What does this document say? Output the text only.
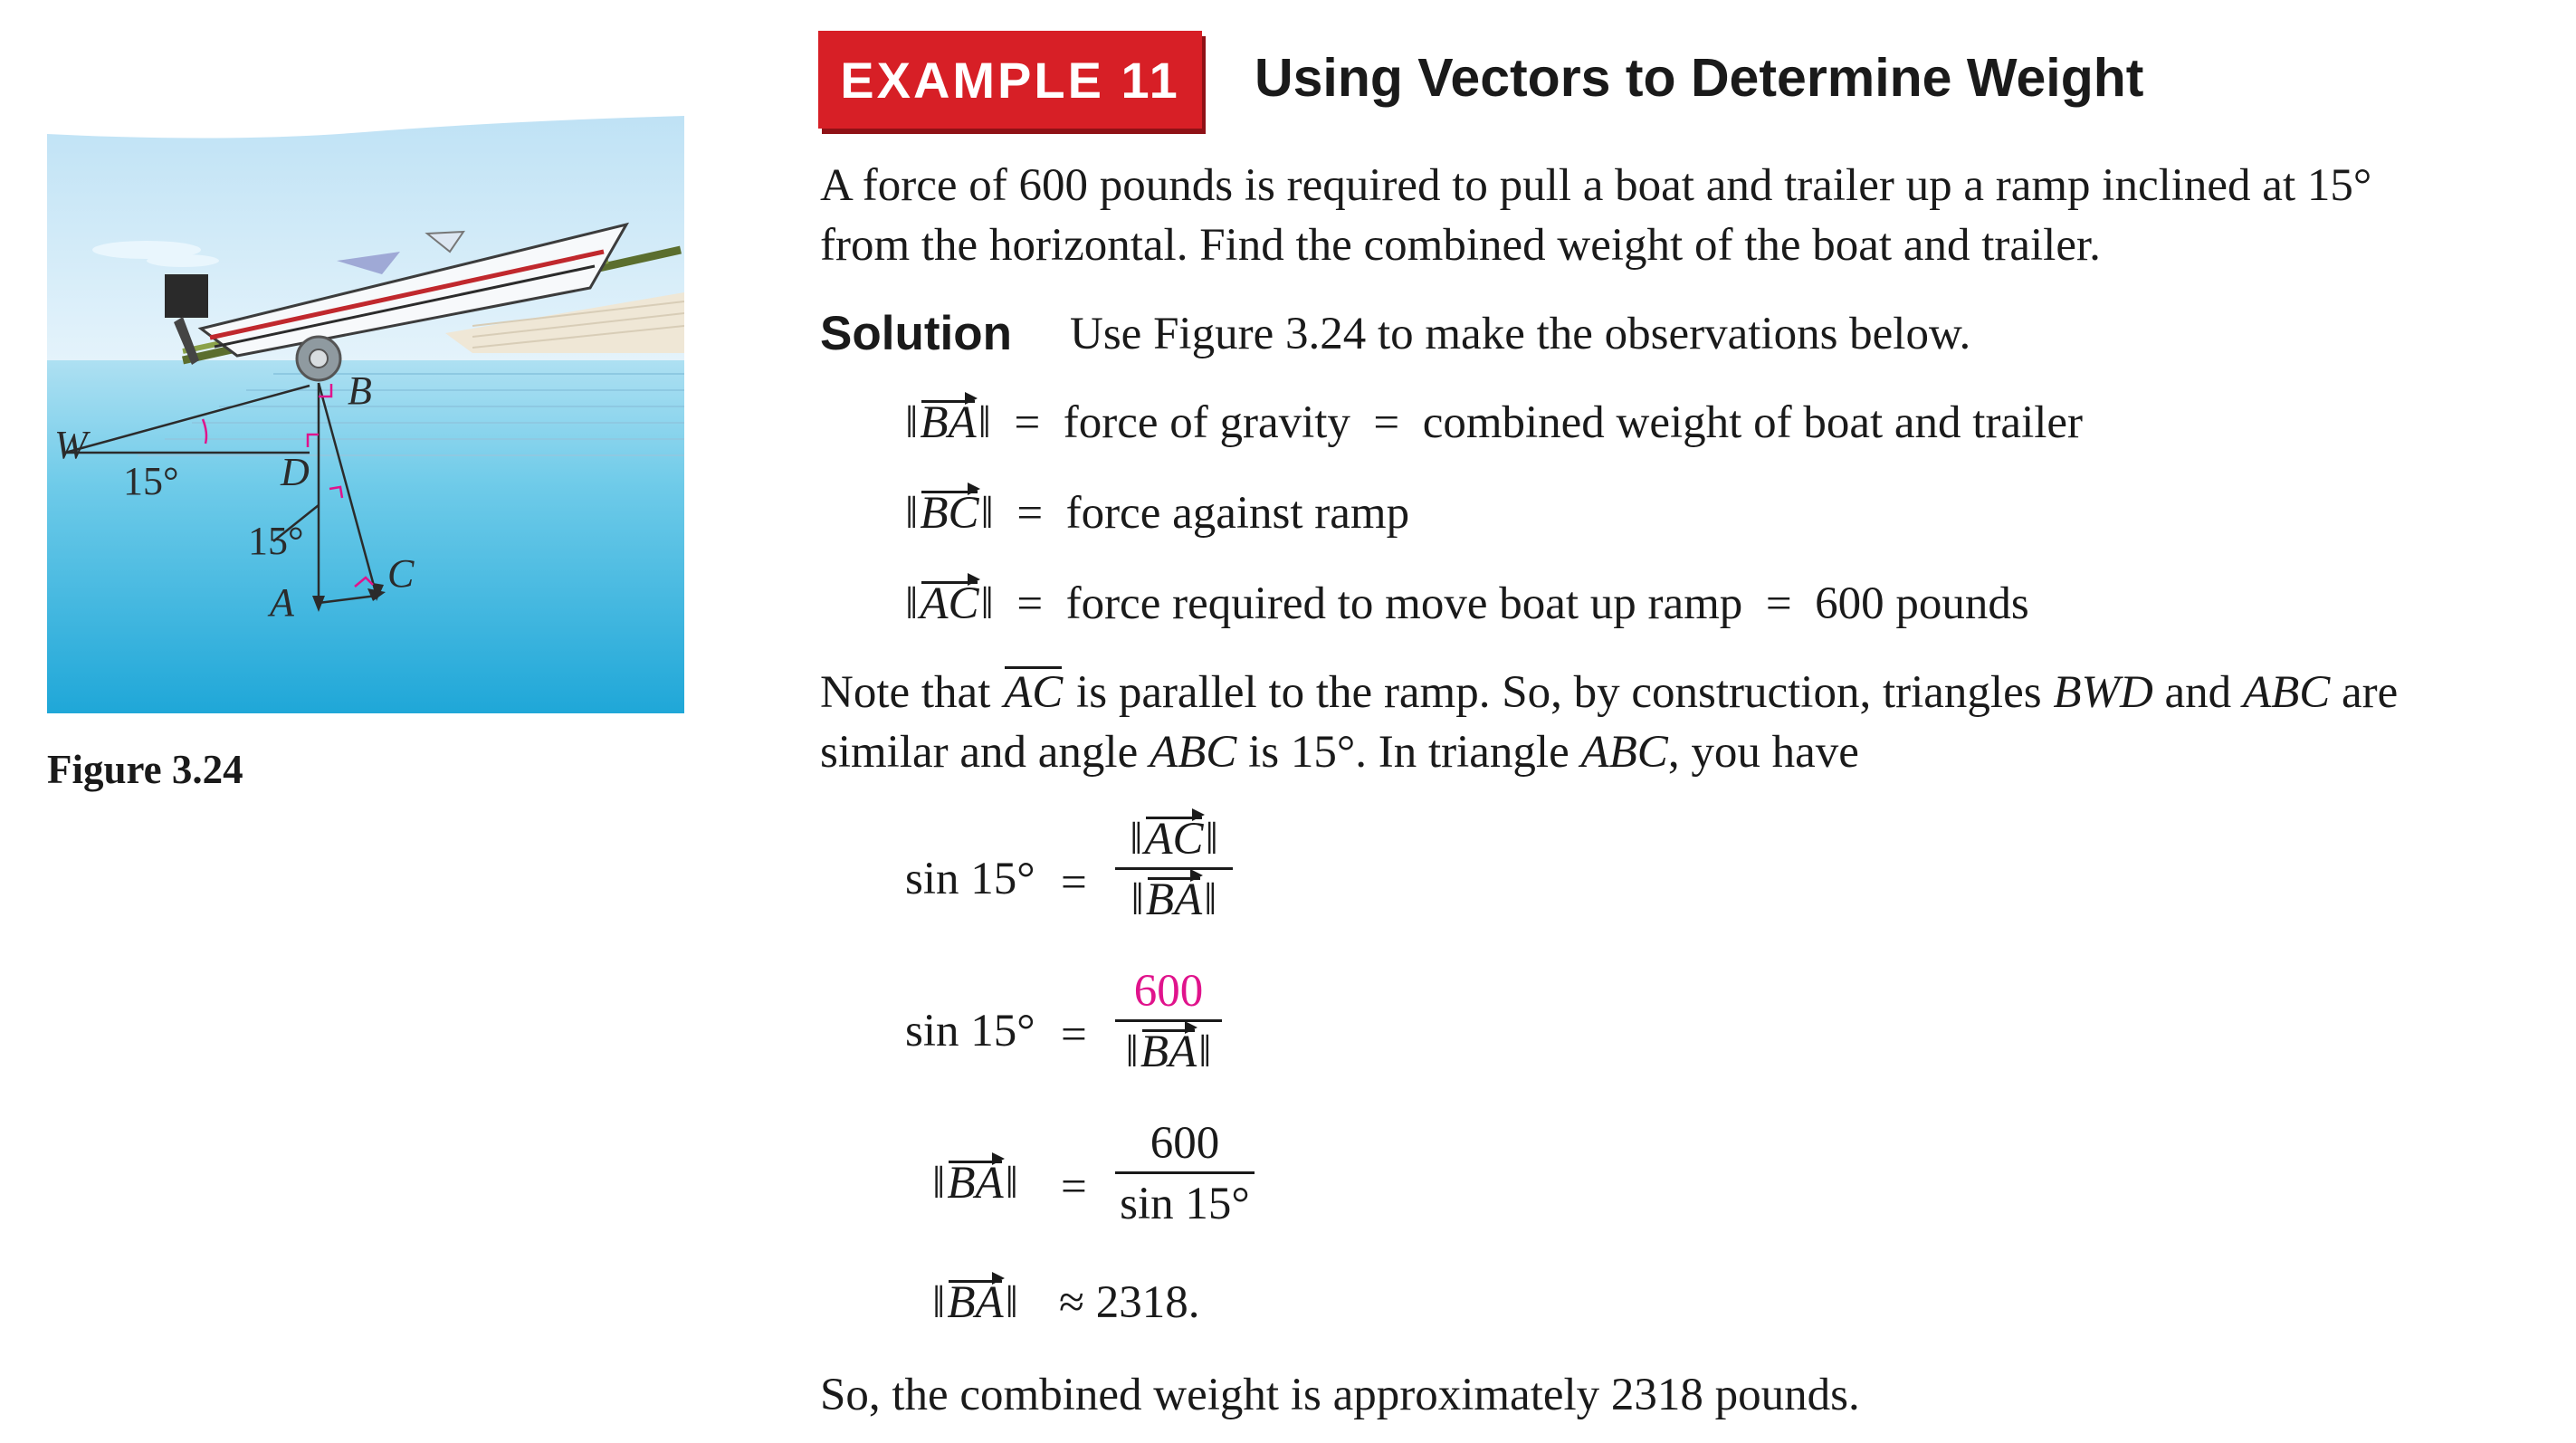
W
B
D
A
C
15°
15°
Figure 3.24
EXAMPLE 11 Using Vectors to Determine Weight
A force of 600 pounds is required to pull a boat and trailer up a ramp inclined at 15°
from the horizontal. Find the combined weight of the boat and trailer.
Solution Use Figure 3.24 to make the observations below.
‖BA‖  =  force of gravity  =  combined weight of boat and trailer
‖BC‖  =  force against ramp
‖AC‖  =  force required to move boat up ramp  =  600 pounds
Note that AC is parallel to the ramp. So, by construction, triangles BWD and ABC are
similar and angle ABC is 15°. In triangle ABC, you have
$\sin 15^\circ = \frac{‖AC‖}{‖BA‖}$
$\sin 15^\circ = \frac{600}{‖BA‖}$
‖BA‖ = $\frac{600}{\sin 15^\circ}$
‖BA‖ ≈ 2318.
So, the combined weight is approximately 2318 pounds.
